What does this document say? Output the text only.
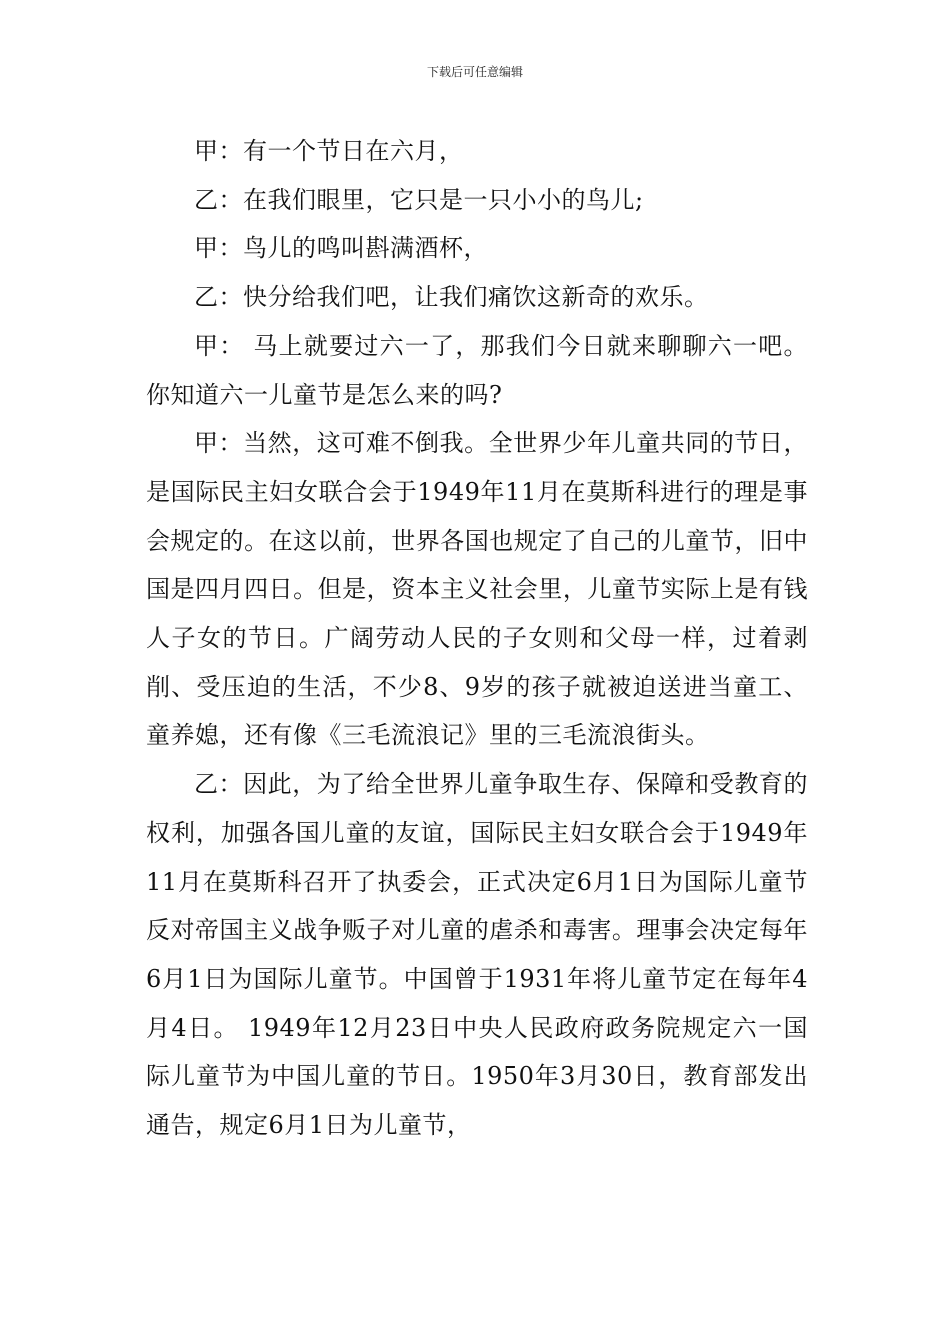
下载后可任意编辑

甲：有一个节日在六月，

乙：在我们眼里，它只是一只小小的鸟儿;

甲：鸟儿的鸣叫斟满酒杯，

乙：快分给我们吧，让我们痛饮这新奇的欢乐。

甲： 马上就要过六一了，那我们今日就来聊聊六一吧。你知道六一儿童节是怎么来的吗?

甲：当然，这可难不倒我。全世界少年儿童共同的节日，是国际民主妇女联合会于1949年11月在莫斯科进行的理是事会规定的。在这以前，世界各国也规定了自己的儿童节，旧中国是四月四日。但是，资本主义社会里，儿童节实际上是有钱人子女的节日。广阔劳动人民的子女则和父母一样，过着剥削、受压迫的生活，不少8、9岁的孩子就被迫送进当童工、童养媳，还有像《三毛流浪记》里的三毛流浪街头。

乙：因此，为了给全世界儿童争取生存、保障和受教育的权利，加强各国儿童的友谊，国际民主妇女联合会于1949年11月在莫斯科召开了执委会，正式决定6月1日为国际儿童节反对帝国主义战争贩子对儿童的虐杀和毒害。理事会决定每年6月1日为国际儿童节。中国曾于1931年将儿童节定在每年4月4日。 1949年12月23日中央人民政府政务院规定六一国际儿童节为中国儿童的节日。1950年3月30日，教育部发出通告，规定6月1日为儿童节，
